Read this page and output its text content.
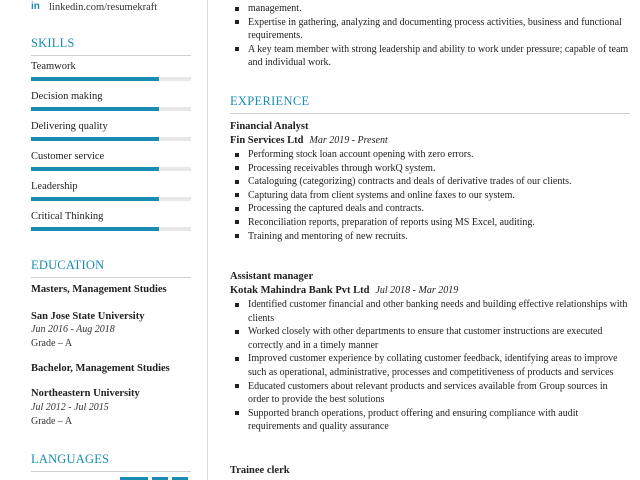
in linkedin.com/resumekraft
SKILLS
Teamwork
Decision making
Delivering quality
Customer service
Leadership
Critical Thinking
EDUCATION
Masters, Management Studies
San Jose State University
Jun 2016 - Aug 2018
Grade – A
Bachelor, Management Studies
Northeastern University
Jul 2012 - Jul 2015
Grade – A
LANGUAGES
management.
Expertise in gathering, analyzing and documenting process activities, business and functional requirements.
A key team member with strong leadership and ability to work under pressure; capable of team and individual work.
EXPERIENCE
Financial Analyst
Fin Services Ltd Mar 2019 - Present
Performing stock loan account opening with zero errors.
Processing receivables through workQ system.
Cataloguing (categorizing) contracts and deals of derivative trades of our clients.
Capturing data from client systems and online faxes to our system.
Processing the captured deals and contracts.
Reconciliation reports, preparation of reports using MS Excel, auditing.
Training and mentoring of new recruits.
Assistant manager
Kotak Mahindra Bank Pvt Ltd Jul 2018 - Mar 2019
Identified customer financial and other banking needs and building effective relationships with clients
Worked closely with other departments to ensure that customer instructions are executed correctly and in a timely manner
Improved customer experience by collating customer feedback, identifying areas to improve such as operational, administrative, processes and competitiveness of products and services
Educated customers about relevant products and services available from Group sources in order to provide the best solutions
Supported branch operations, product offering and ensuring compliance with audit requirements and quality assurance
Trainee clerk
